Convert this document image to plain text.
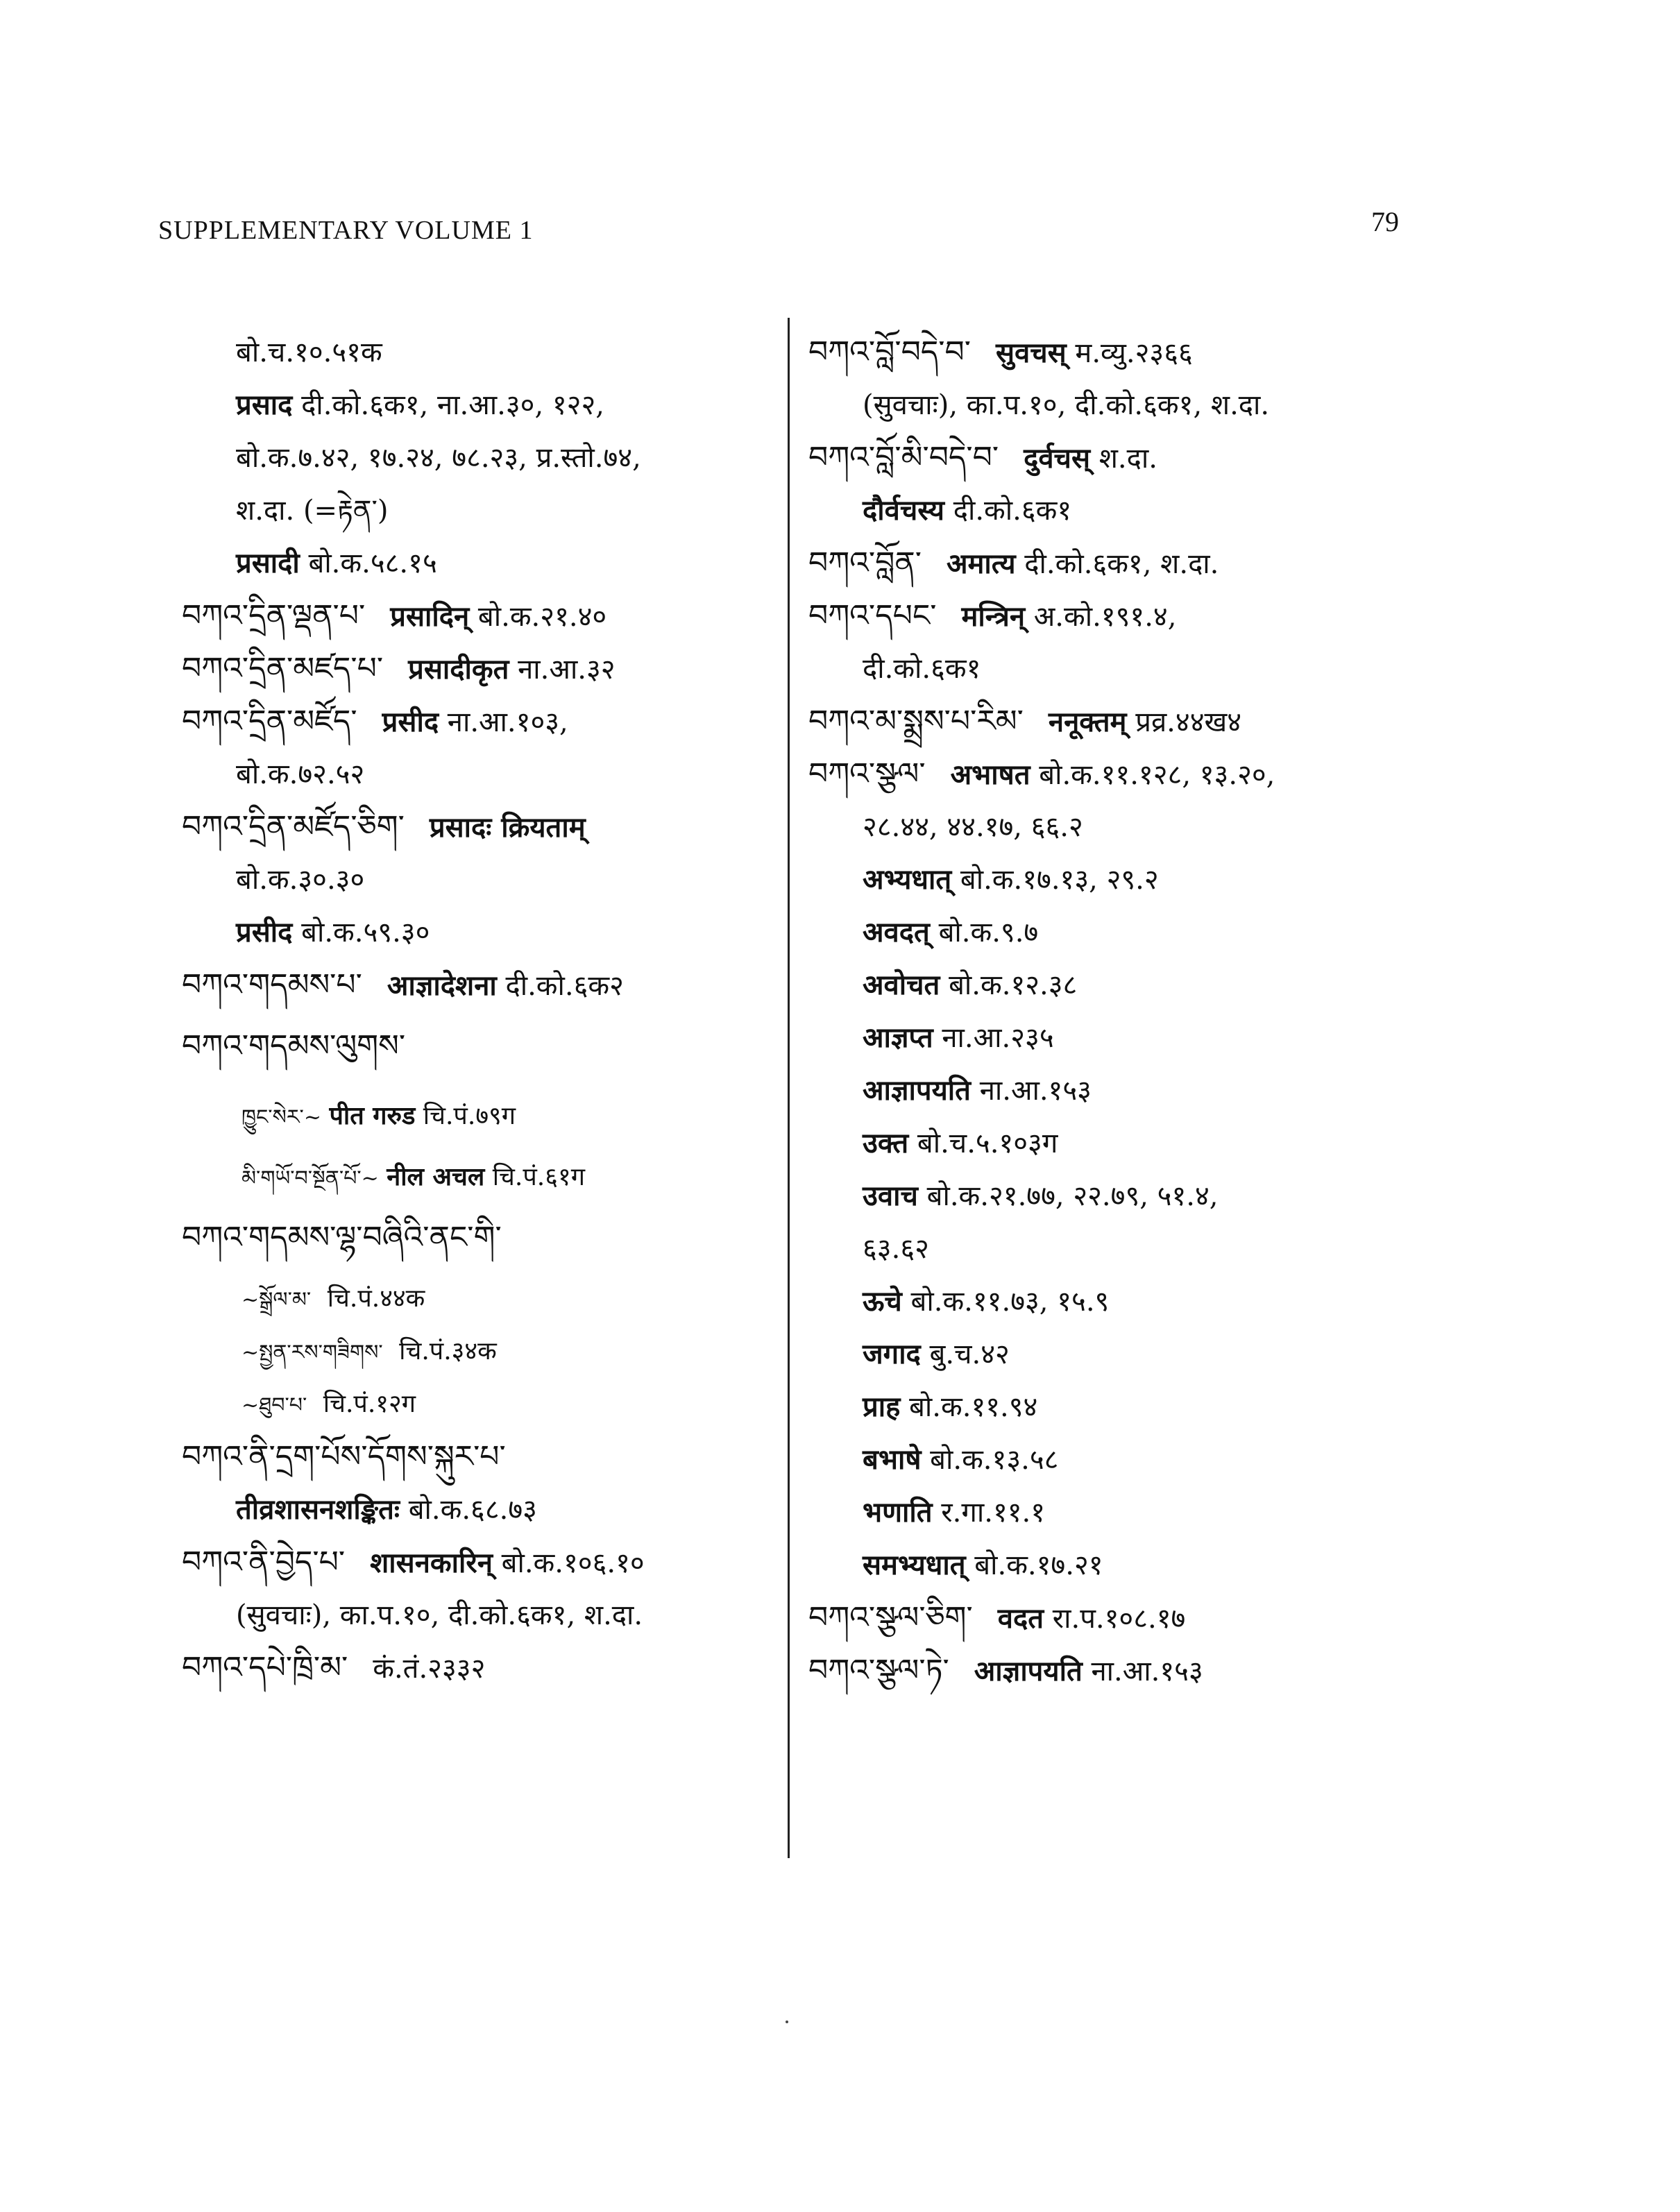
SUPPLEMENTARY VOLUME 1	79
बो.च.१०.५१क
प्रसाद दी.को.६क१, ना.आ.३०, १२२,
बो.क.७.४२, १७.२४, ७८.२३, प्र.स्तो.७४,
श.दा. (=རྟེན་)
प्रसादी बो.क.५८.१५
བཀའ་དྲིན་ལྡན་པ་ प्रसादिन् बो.क.२१.४०
བཀའ་དྲིན་མཛད་པ་ प्रसादीकृत ना.आ.३२
བཀའ་དྲིན་མཛོད་ प्रसीद ना.आ.१०३,
बो.क.७२.५२
བཀའ་དྲིན་མཛོད་ཅིག་ प्रसादः क्रियताम्
बो.क.३०.३०
प्रसीद बो.क.५९.३०
བཀའ་གདམས་པ་ आज्ञादेशना दी.को.६क२
བཀའ་གདམས་ལུགས་
ཁྱུང་སེར་~ पीत गरुड चि.पं.७९ग
མི་གཡོ་བ་སྔོན་པོ་~ नील अचल चि.पं.६१ग
བཀའ་གདམས་ལྷ་བཞིའི་ནང་གི་
~སྒྲོལ་མ་ चि.पं.४४क
~སྤྱན་རས་གཟིགས་ चि.पं.३४क
~ཐུབ་པ་ चि.पं.१२ग
བཀའ་ནི་དྲག་པོས་དོགས་སྐུར་པ་
तीव्रशासनशङ्कितः बो.क.६८.७३
བཀའ་ནི་བྱེད་པ་ शासनकारिन् बो.क.१०६.१०
(सुवचाः), का.प.१०, दी.को.६क१, श.दा.
བཀའ་དཔེ་ཁྲི་མ་ कं.तं.२३३२
བཀའ་བློ་བདེ་བ་ सुवचस् म.व्यु.२३६६
(सुवचाः), का.प.१०, दी.को.६क१, श.दा.
བཀའ་བློ་མི་བདེ་བ་ दुर्वचस् श.दा.
दौर्वचस्य दी.को.६क१
བཀའ་བློན་ अमात्य दी.को.६क१, श.दा.
བཀའ་དཔང་ मन्त्रिन् अ.को.१९१.४,
दी.को.६क१
བཀའ་མ་སྨྲས་པ་རིམ་ ननूक्तम् प्रव्र.४४ख४
བཀའ་སྩལ་ अभाषत बो.क.११.१२८, १३.२०,
२८.४४, ४४.१७, ६६.२
अभ्यधात् बो.क.१७.१३, २९.२
अवदत् बो.क.९.७
अवोचत बो.क.१२.३८
आज्ञप्त ना.आ.२३५
आज्ञापयति ना.आ.१५३
उक्त बो.च.५.१०३ग
उवाच बो.क.२१.७७, २२.७९, ५१.४,
६३.६२
ऊचे बो.क.११.७३, १५.९
जगाद बु.च.४२
प्राह बो.क.११.९४
बभाषे बो.क.१३.५८
भणाति र.गा.११.१
समभ्यधात् बो.क.१७.२१
བཀའ་སྩལ་ཅིག་ वदत रा.प.१०८.१७
བཀའ་སྩལ་ཏེ་ आज्ञापयति ना.आ.१५३
